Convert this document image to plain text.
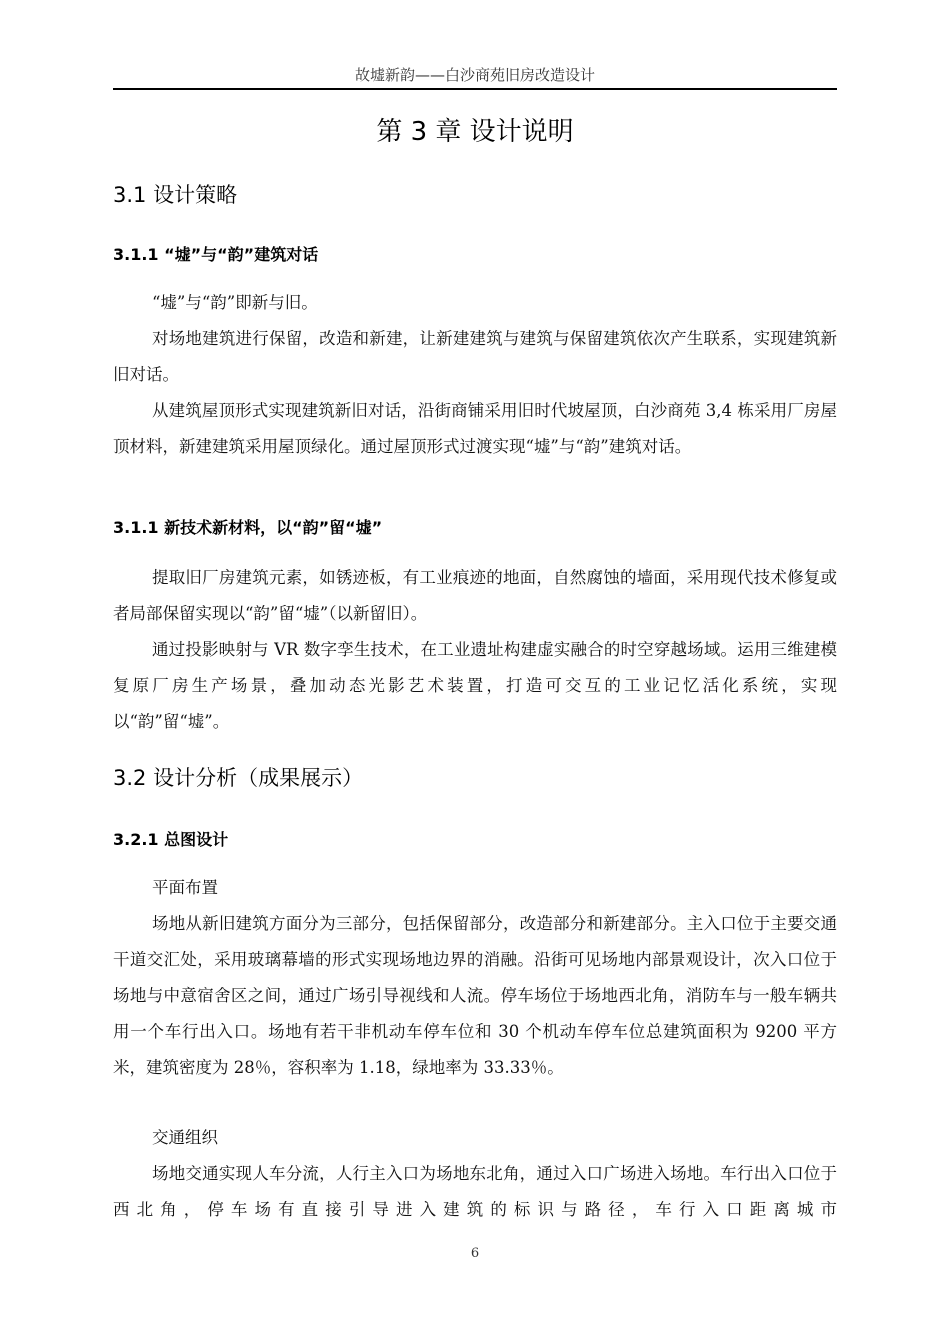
故墟新韵——白沙商苑旧房改造设计
第 3 章 设计说明
3.1 设计策略
3.1.1 “墟”与“韵”建筑对话

“墟”与“韵”即新与旧。

对场地建筑进行保留，改造和新建，让新建建筑与建筑与保留建筑依次产生联系，实现建筑新旧对话。

从建筑屋顶形式实现建筑新旧对话，沿街商铺采用旧时代坡屋顶，白沙商苑 3,4 栋采用厂房屋顶材料，新建建筑采用屋顶绿化。通过屋顶形式过渡实现“墟”与“韵”建筑对话。

3.1.1 新技术新材料，以“韵”留“墟”

提取旧厂房建筑元素，如锈迹板，有工业痕迹的地面，自然腐蚀的墙面，采用现代技术修复或者局部保留实现以“韵”留“墟”（以新留旧）。

通过投影映射与 VR 数字孪生技术，在工业遗址构建虚实融合的时空穿越场域。运用三维建模复原厂房生产场景，叠加动态光影艺术装置，打造可交互的工业记忆活化系统，实现以“韵”留“墟”。

3.2 设计分析（成果展示）
3.2.1 总图设计

平面布置

场地从新旧建筑方面分为三部分，包括保留部分，改造部分和新建部分。主入口位于主要交通干道交汇处，采用玻璃幕墙的形式实现场地边界的消融。沿街可见场地内部景观设计，次入口位于场地与中意宿舍区之间，通过广场引导视线和人流。停车场位于场地西北角，消防车与一般车辆共用一个车行出入口。场地有若干非机动车停车位和 30 个机动车停车位总建筑面积为 9200 平方米，建筑密度为 28％，容积率为 1.18，绿地率为 33.33％。

交通组织

场地交通实现人车分流，人行主入口为场地东北角，通过入口广场进入场地。车行出入口位于西北角，停车场有直接引导进入建筑的标识与路径，车行入口距离城市

6
